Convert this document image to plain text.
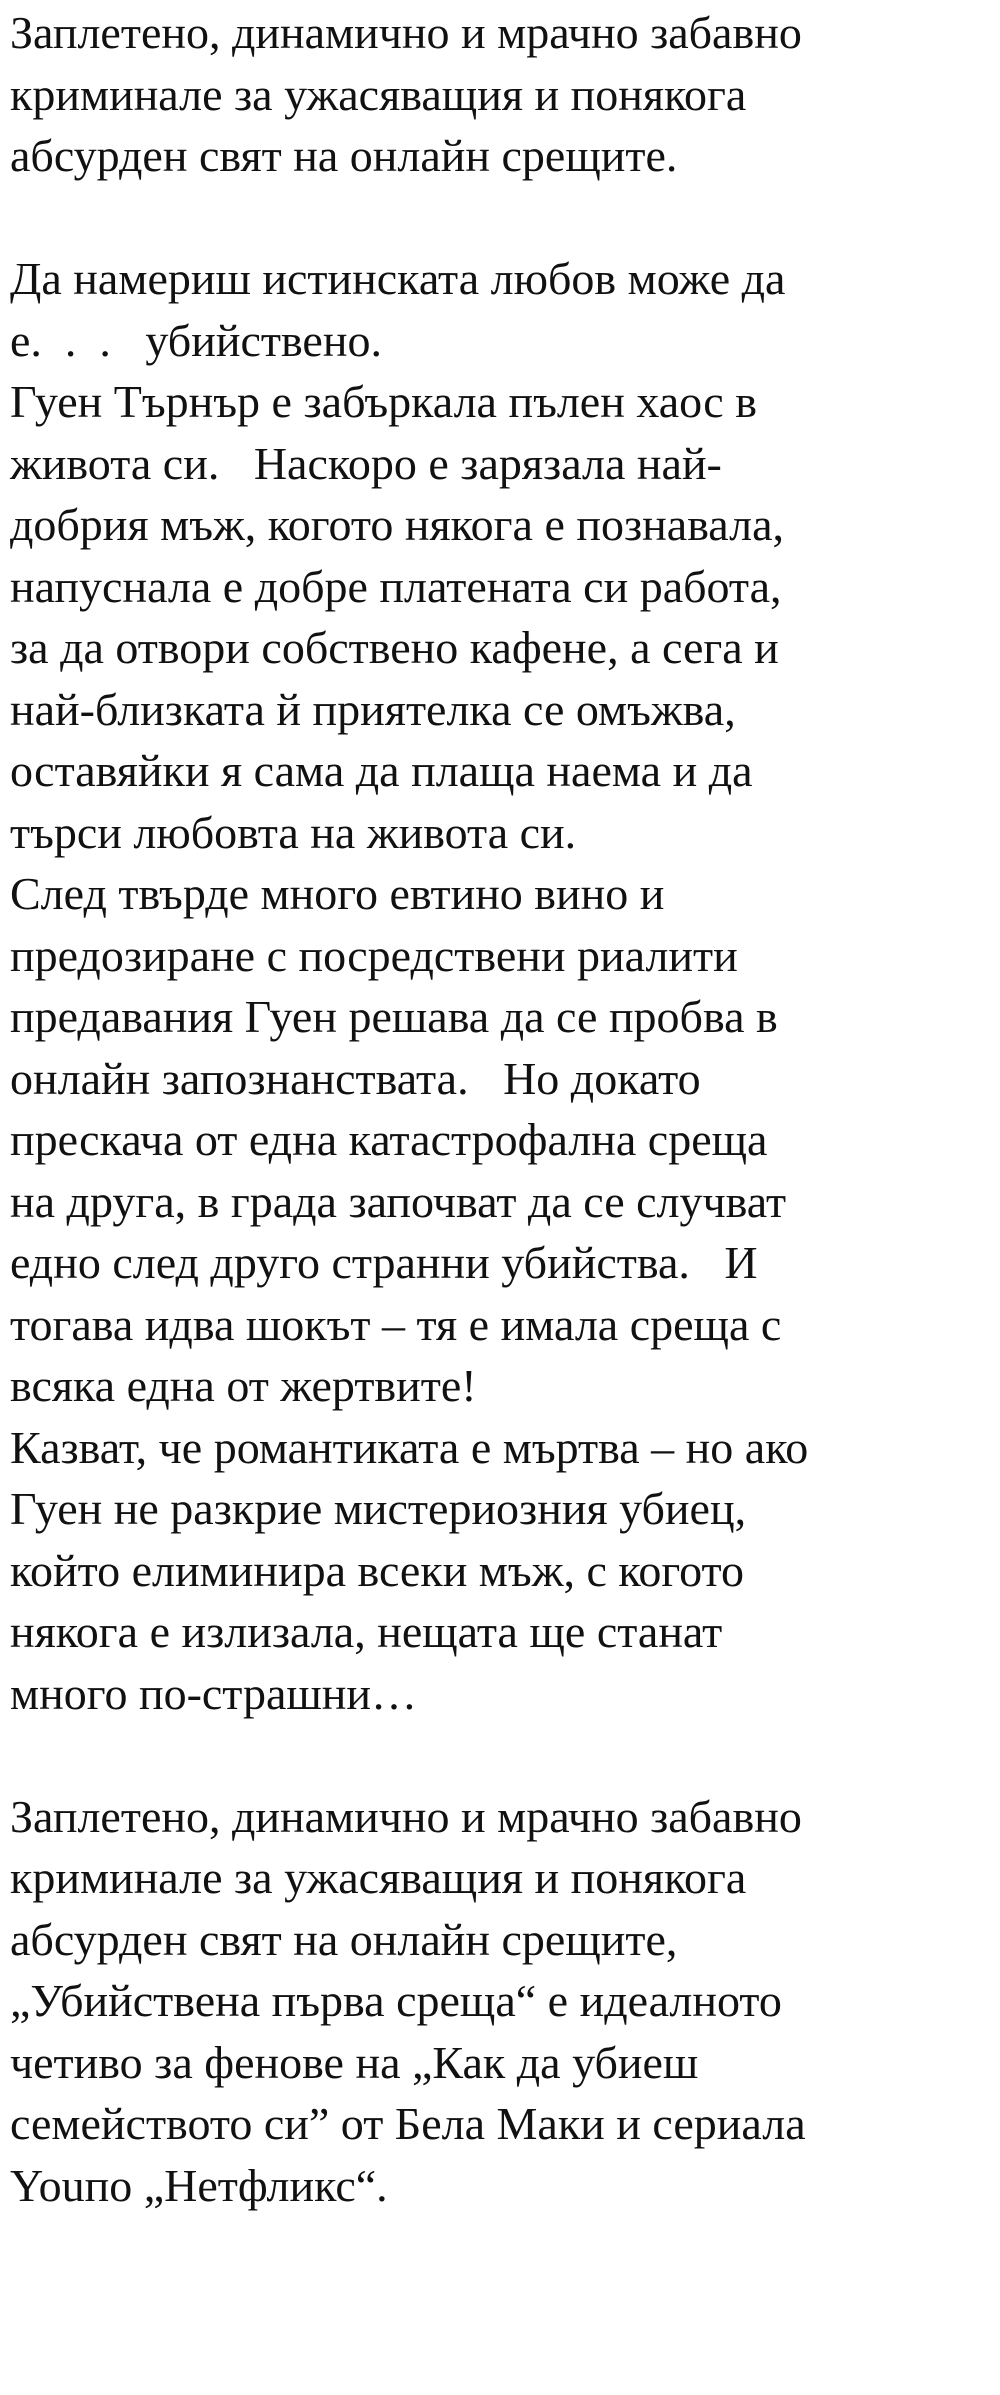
Заплетено, динамично и мрачно забавно
криминале за ужасяващия и понякога
абсурден свят на онлайн срещите.

Да намериш истинската любов може да
е.  .  .   убийствено.

Гуен Търнър е забъркала пълен хаос в
живота си.   Наскоро е зарязала най-
добрия мъж, когото някога е познавала,
напуснала е добре платената си работа,
за да отвори собствено кафене, а сега и
най-близката й приятелка се омъжва,
оставяйки я сама да плаща наема и да
търси любовта на живота си.

След твърде много евтино вино и
предозиране с посредствени риалити
предавания Гуен решава да се пробва в
онлайн запознанствата.   Но докато
прескача от една катастрофална среща
на друга, в града започват да се случват
едно след друго странни убийства.   И
тогава идва шокът – тя е имала среща с
всяка една от жертвите!

Казват, че романтиката е мъртва – но ако
Гуен не разкрие мистериозния убиец,
който елиминира всеки мъж, с когото
някога е излизала, нещата ще станат
много по-страшни…

Заплетено, динамично и мрачно забавно
криминале за ужасяващия и понякога
абсурден свят на онлайн срещите,
„Убийствена първа среща“ е идеалното
четиво за фенове на „Как да убиеш
семейството си” от Бела Маки и сериала
Youпо „Нетфликс“.
